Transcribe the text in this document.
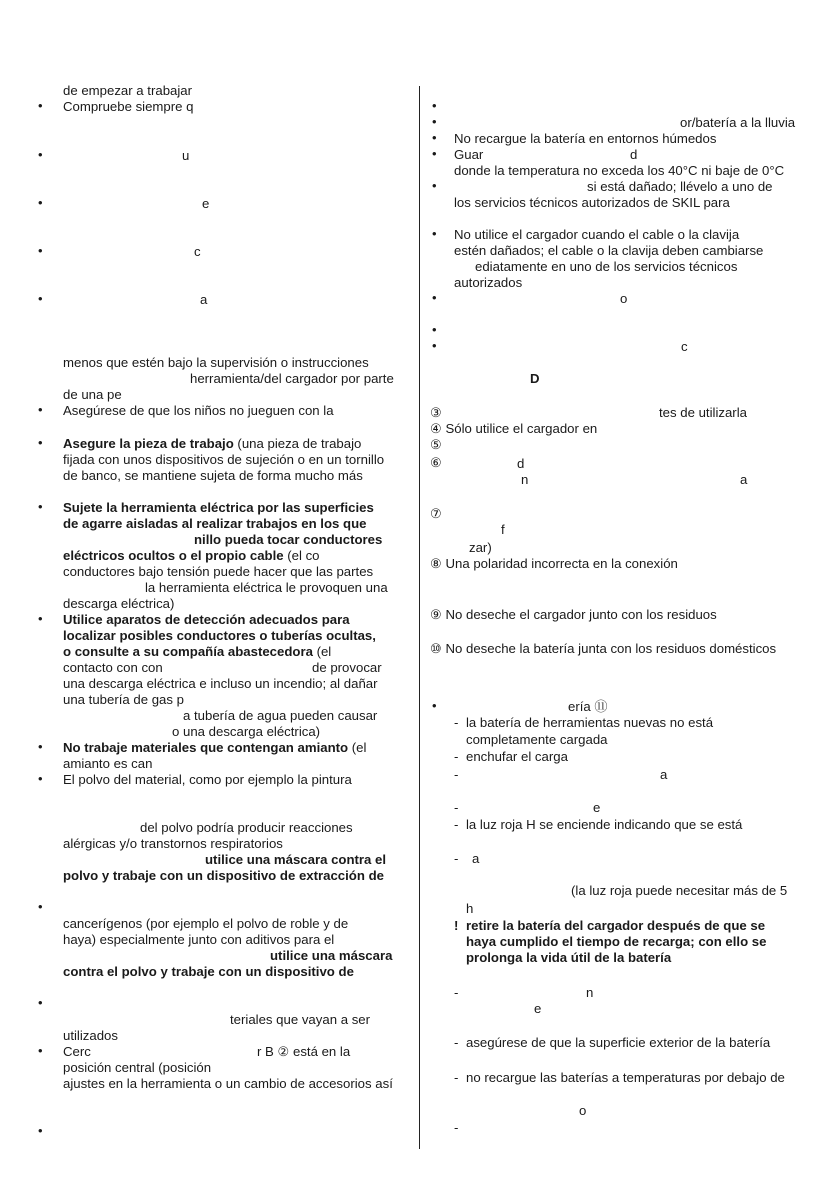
de empezar a trabajar
• Compruebe siempre q
•	u
•	e
•	c
•	a
menos que estén bajo la supervisión o instrucciones
herramienta/del cargador por parte
de una pe
• Asegúrese de que los niños no jueguen con la
• Asegure la pieza de trabajo (una pieza de trabajo
fijada con unos dispositivos de sujeción o en un tornillo
de banco, se mantiene sujeta de forma mucho más
• Sujete la herramienta eléctrica por las superficies
de agarre aisladas al realizar trabajos en los que
nillo pueda tocar conductores
eléctricos ocultos o el propio cable (el co
conductores bajo tensión puede hacer que las partes
la herramienta eléctrica le provoquen una
descarga eléctrica)
• Utilice aparatos de detección adecuados para
localizar posibles conductores o tuberías ocultas,
o consulte a su compañía abastecedora (el
contacto con con	de provocar
una descarga eléctrica e incluso un incendio; al dañar
una tubería de gas p
a tubería de agua pueden causar
o una descarga eléctrica)
• No trabaje materiales que contengan amianto (el
amianto es can
• El polvo del material, como por ejemplo la pintura
del polvo podría producir reacciones
alérgicas y/o transtornos respiratorios
utilice una máscara contra el
polvo y trabaje con un dispositivo de extracción de
•
cancerígenos (por ejemplo el polvo de roble y de
haya) especialmente junto con aditivos para el
utilice una máscara
contra el polvo y trabaje con un dispositivo de
•
teriales que vayan a ser
utilizados
• Cerc	r B ② está en la
posición central (posición
ajustes en la herramienta o un cambio de accesorios así
•
•
•	or/batería a la lluvia
• No recargue la batería en entornos húmedos
• Guar	d
donde la temperatura no exceda los 40°C ni baje de 0°C
•	si está dañado; llévelo a uno de
los servicios técnicos autorizados de SKIL para
• No utilice el cargador cuando el cable o la clavija
estén dañados; el cable o la clavija deben cambiarse
ediatamente en uno de los servicios técnicos
autorizados
•	o
•
•	c
D
③	tes de utilizarla
④ Sólo utilice el cargador en
⑤
⑥	d
n	a
⑦
f
zar)
⑧ Una polaridad incorrecta en la conexión
⑨ No deseche el cargador junto con los residuos
⑩ No deseche la batería junta con los residuos domésticos
•	ería ⑪
- la batería de herramientas nuevas no está
completamente cargada
- enchufar el carga
-	a
-	e
- la luz roja H se enciende indicando que se está
- a
(la luz roja puede necesitar más de 5
h
! retire la batería del cargador después de que se
haya cumplido el tiempo de recarga; con ello se
prolonga la vida útil de la batería
-	n
e
- asegúrese de que la superficie exterior de la batería
- no recargue las baterías a temperaturas por debajo de
o
-
